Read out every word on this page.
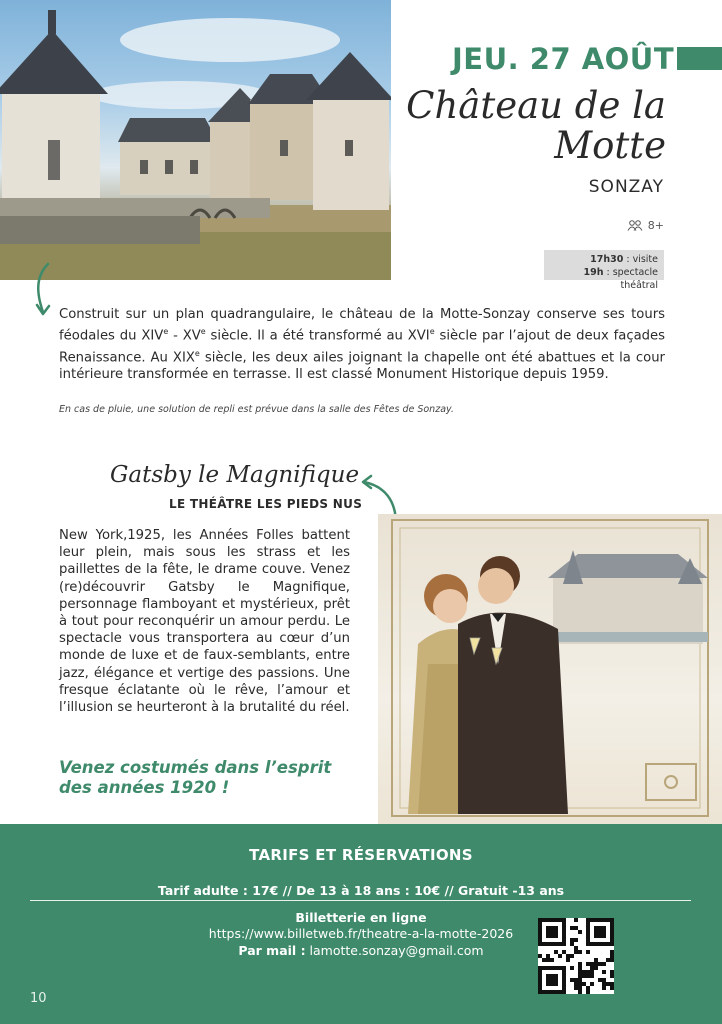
JEU. 27 AOÛT
Château de la Motte
SONZAY
8+
17h30 : visite
19h : spectacle théâtral
Construit sur un plan quadrangulaire, le château de la Motte-Sonzay conserve ses tours féodales du XIVe - XVe siècle. Il a été transformé au XVIe siècle par l’ajout de deux façades Renaissance. Au XIXe siècle, les deux ailes joignant la chapelle ont été abattues et la cour intérieure transformée en terrasse. Il est classé Monument Historique depuis 1959.
En cas de pluie, une solution de repli est prévue dans la salle des Fêtes de Sonzay.
Gatsby le Magnifique
LE THÉÂTRE LES PIEDS NUS
New York,1925, les Années Folles battent leur plein, mais sous les strass et les paillettes de la fête, le drame couve. Venez (re)découvrir Gatsby le Magnifique, personnage flamboyant et mystérieux, prêt à tout pour reconquérir un amour perdu. Le spectacle vous transportera au cœur d’un monde de luxe et de faux-semblants, entre jazz, élégance et vertige des passions. Une fresque éclatante où le rêve, l’amour et l’illusion se heurteront à la brutalité du réel.
Venez costumés dans l’esprit des années 1920 !
TARIFS ET RÉSERVATIONS
Tarif adulte : 17€ // De 13 à 18 ans : 10€ // Gratuit -13 ans
Billetterie en ligne
https://www.billetweb.fr/theatre-a-la-motte-2026
Par mail : lamotte.sonzay@gmail.com
10
